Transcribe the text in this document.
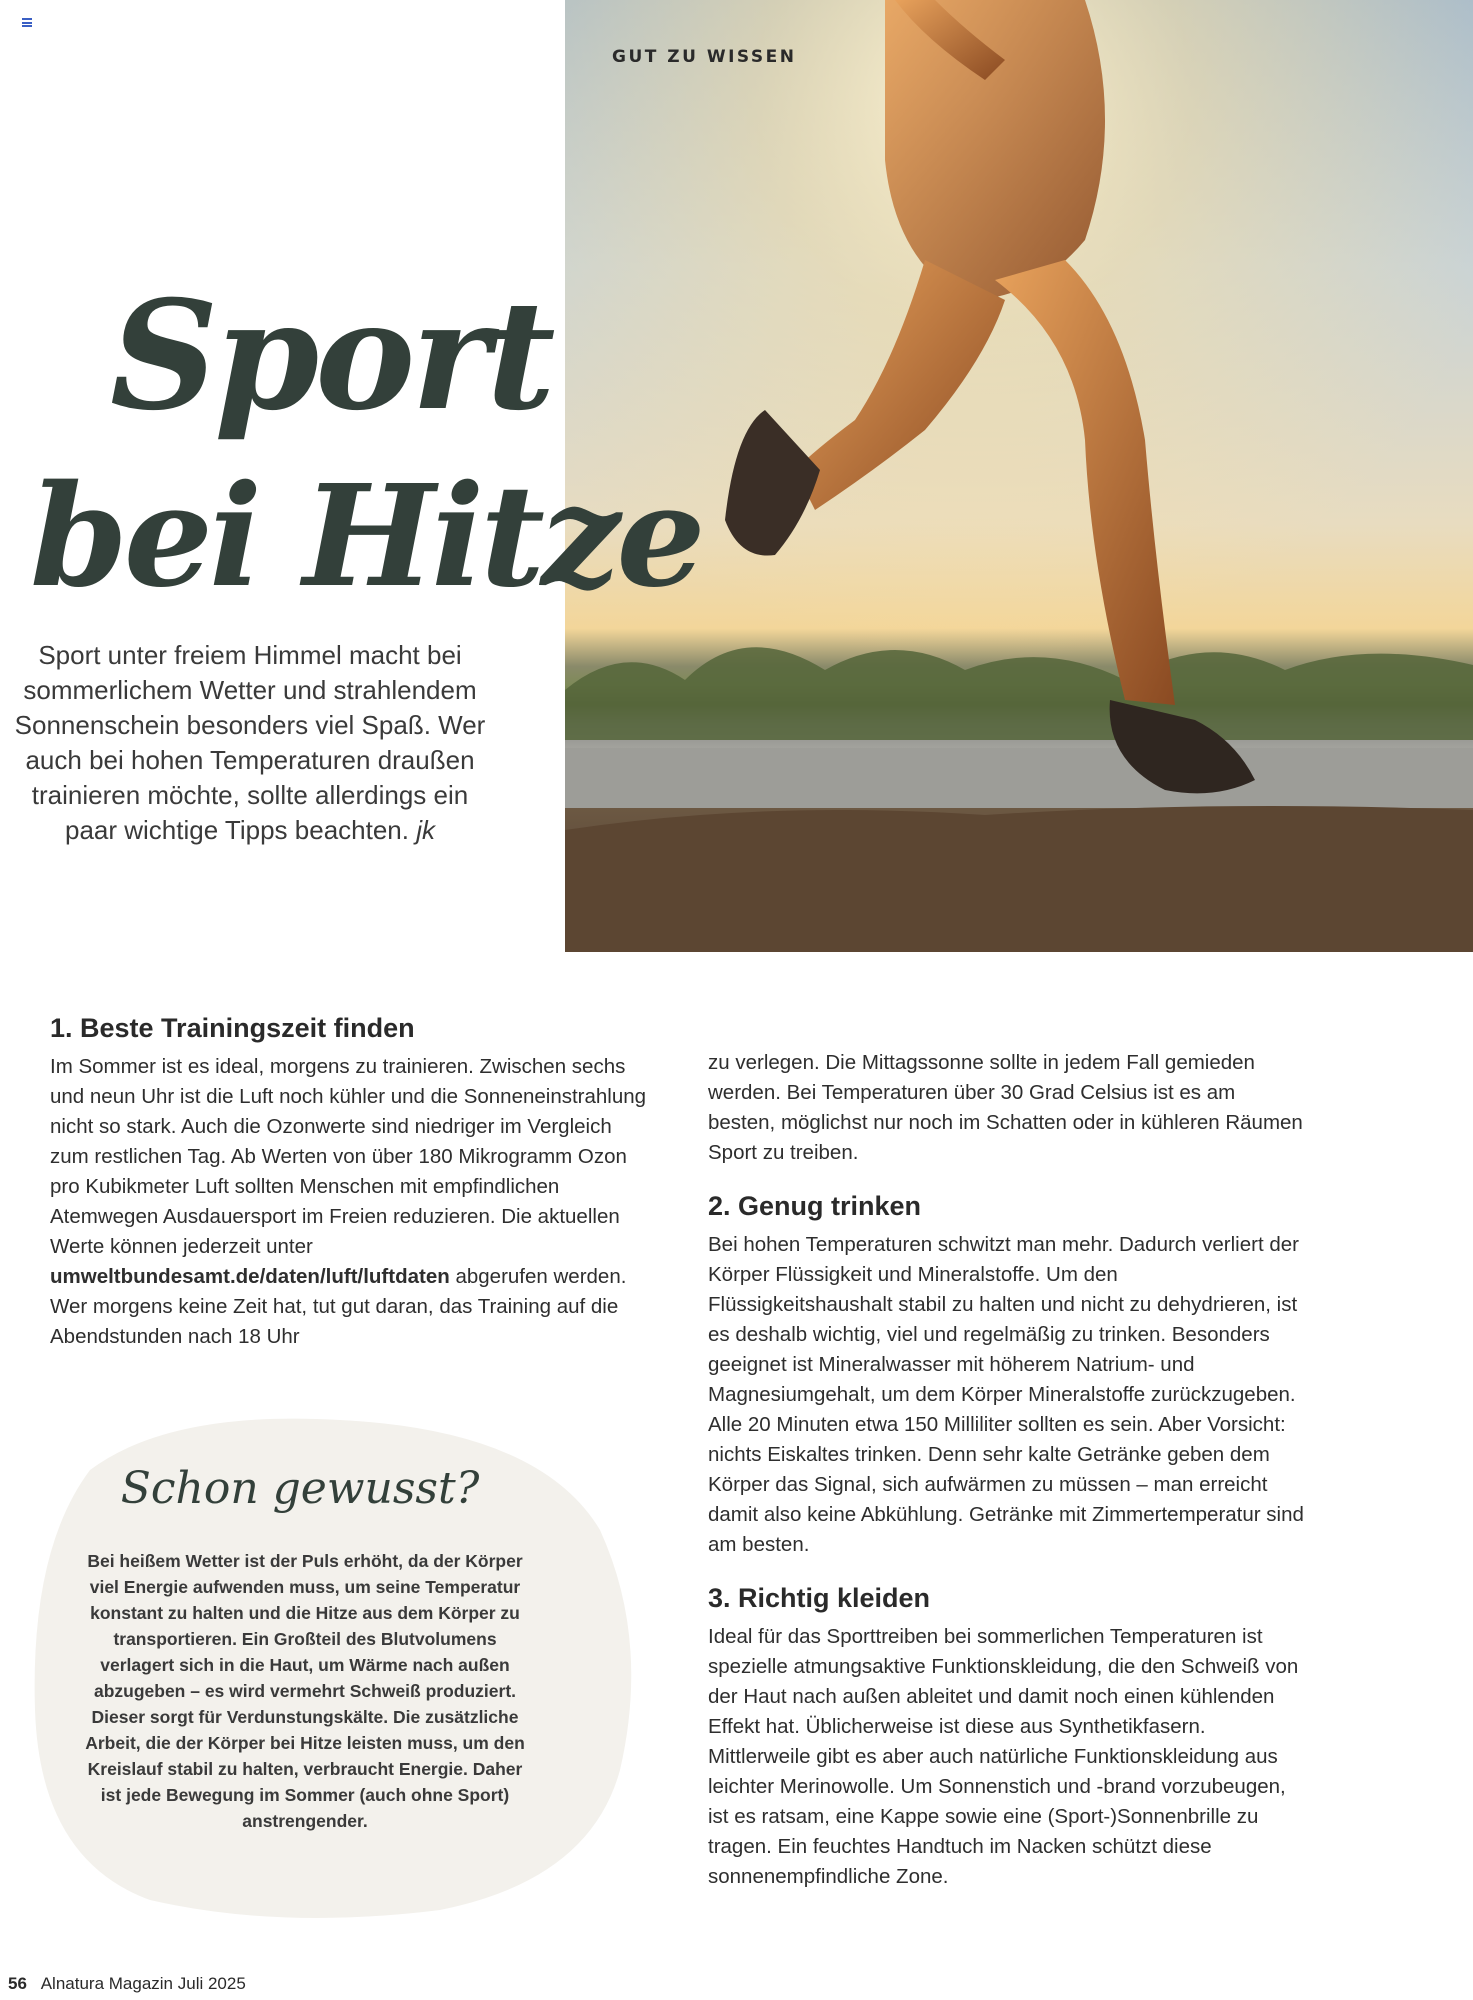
GUT ZU WISSEN
Sport
bei Hitze
Sport unter freiem Himmel macht bei sommerlichem Wetter und strahlendem Sonnenschein besonders viel Spaß. Wer auch bei hohen Temperaturen draußen trainieren möchte, sollte allerdings ein paar wichtige Tipps beachten. jk
1. Beste Trainingszeit finden

Im Sommer ist es ideal, morgens zu trainieren. Zwischen sechs und neun Uhr ist die Luft noch kühler und die Sonneneinstrahlung nicht so stark. Auch die Ozonwerte sind niedriger im Vergleich zum restlichen Tag. Ab Werten von über 180 Mikrogramm Ozon pro Kubikmeter Luft sollten Menschen mit empfindlichen Atemwegen Ausdauersport im Freien reduzieren. Die aktuellen Werte können jederzeit unter umweltbundesamt.de/daten/luft/luftdaten abgerufen werden. Wer morgens keine Zeit hat, tut gut daran, das Training auf die Abendstunden nach 18 Uhr

zu verlegen. Die Mittagssonne sollte in jedem Fall gemieden werden. Bei Temperaturen über 30 Grad Celsius ist es am besten, möglichst nur noch im Schatten oder in kühleren Räumen Sport zu treiben.

2. Genug trinken

Bei hohen Temperaturen schwitzt man mehr. Dadurch verliert der Körper Flüssigkeit und Mineralstoffe. Um den Flüssigkeitshaushalt stabil zu halten und nicht zu dehydrieren, ist es deshalb wichtig, viel und regelmäßig zu trinken. Besonders geeignet ist Mineralwasser mit höherem Natrium- und Magnesiumgehalt, um dem Körper Mineralstoffe zurückzugeben. Alle 20 Minuten etwa 150 Milliliter sollten es sein. Aber Vorsicht: nichts Eiskaltes trinken. Denn sehr kalte Getränke geben dem Körper das Signal, sich aufwärmen zu müssen – man erreicht damit also keine Abkühlung. Getränke mit Zimmertemperatur sind am besten.

3. Richtig kleiden

Ideal für das Sporttreiben bei sommerlichen Temperaturen ist spezielle atmungsaktive Funktionskleidung, die den Schweiß von der Haut nach außen ableitet und damit noch einen kühlenden Effekt hat. Üblicherweise ist diese aus Synthetikfasern. Mittlerweile gibt es aber auch natürliche Funktionskleidung aus leichter Merinowolle. Um Sonnenstich und -brand vorzubeugen, ist es ratsam, eine Kappe sowie eine (Sport-)Sonnenbrille zu tragen. Ein feuchtes Handtuch im Nacken schützt diese sonnenempfindliche Zone.

Schon gewusst?
Bei heißem Wetter ist der Puls erhöht, da der Körper viel Energie aufwenden muss, um seine Temperatur konstant zu halten und die Hitze aus dem Körper zu transportieren. Ein Großteil des Blutvolumens verlagert sich in die Haut, um Wärme nach außen abzugeben – es wird vermehrt Schweiß produziert. Dieser sorgt für Verdunstungskälte. Die zusätzliche Arbeit, die der Körper bei Hitze leisten muss, um den Kreislauf stabil zu halten, verbraucht Energie. Daher ist jede Bewegung im Sommer (auch ohne Sport) anstrengender.
56 Alnatura Magazin Juli 2025
